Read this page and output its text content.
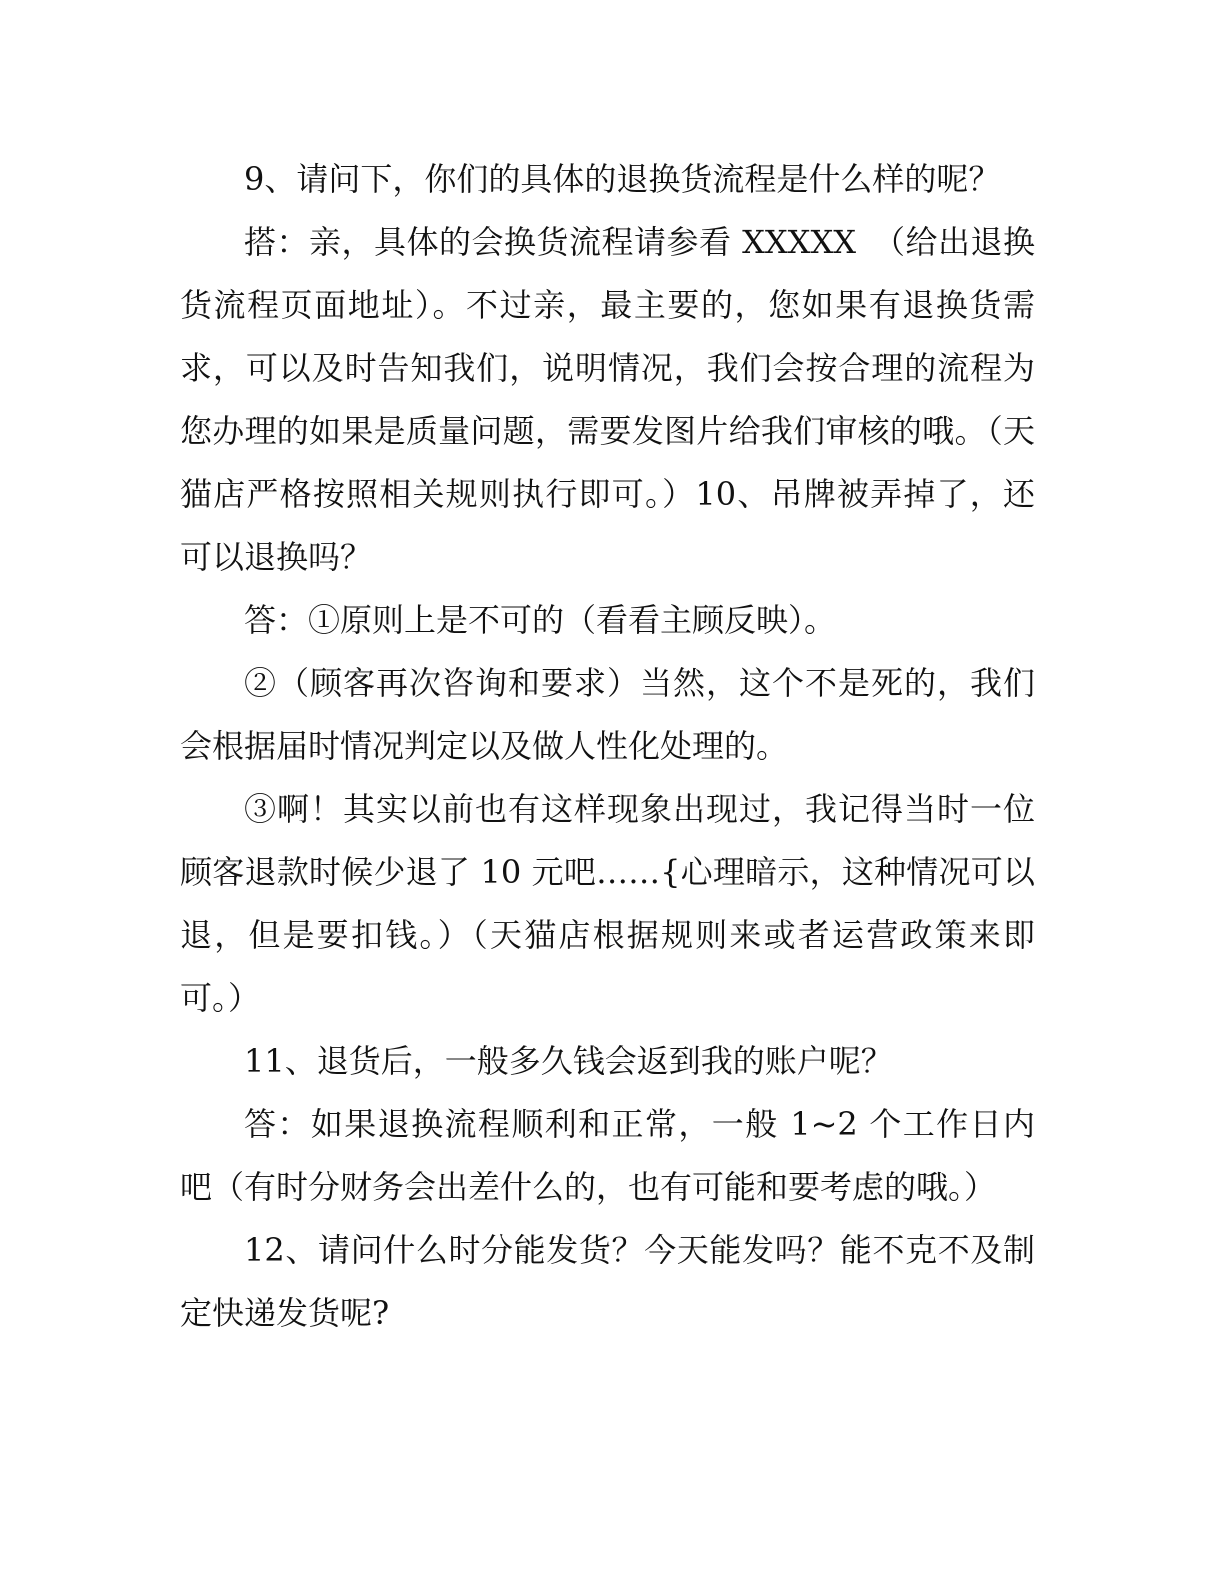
9、请问下，你们的具体的退换货流程是什么样的呢？

搭：亲，具体的会换货流程请参看 XXXXX　（给出退换货流程页面地址）。不过亲，最主要的，您如果有退换货需求，可以及时告知我们，说明情况，我们会按合理的流程为您办理的如果是质量问题，需要发图片给我们审核的哦。（天猫店严格按照相关规则执行即可。）10、吊牌被弄掉了，还可以退换吗？

答：①原则上是不可的（看看主顾反映）。

②（顾客再次咨询和要求）当然，这个不是死的，我们会根据届时情况判定以及做人性化处理的。

③啊！其实以前也有这样现象出现过，我记得当时一位顾客退款时候少退了 10 元吧……{心理暗示，这种情况可以退，但是要扣钱。）（天猫店根据规则来或者运营政策来即可。）

11、退货后，一般多久钱会返到我的账户呢？

答：如果退换流程顺利和正常，一般 1~2 个工作日内吧（有时分财务会出差什么的，也有可能和要考虑的哦。）

12、请问什么时分能发货？今天能发吗？能不克不及制定快递发货呢?
